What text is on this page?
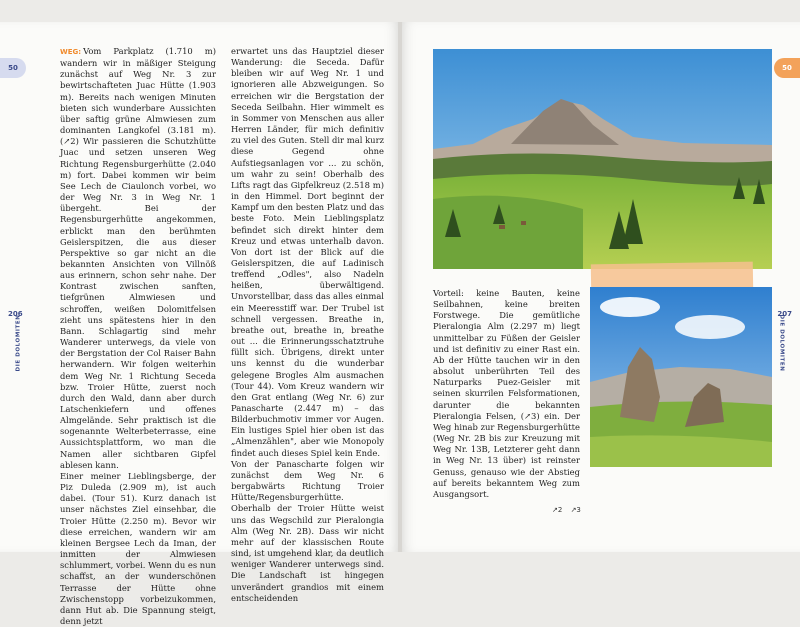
50
206
DIE DOLOMITEN
50
207
DIE DOLOMITEN

WEG: Vom Parkplatz (1.710 m) wandern wir in mäßiger Steigung zunächst auf Weg Nr. 3 zur bewirtschafteten Juac Hütte (1.903 m). Bereits nach wenigen Minuten bieten sich wunderbare Aussichten über saftig grüne Almwiesen zum dominanten Langkofel (3.181 m). (↗2) Wir passieren die Schutzhütte Juac und setzen unseren Weg Richtung Regensburgerhütte (2.040 m) fort. Dabei kommen wir beim See Lech de Ciaulonch vorbei, wo der Weg Nr. 3 in Weg Nr. 1 übergeht. Bei der Regensburgerhütte angekommen, erblickt man den berühmten Geislerspitzen, die aus dieser Perspektive so gar nicht an die bekannten Ansichten von Villnöß aus erinnern, schon sehr nahe. Der Kontrast zwischen sanften, tiefgrünen Almwiesen und schroffen, weißen Dolomitfelsen zieht uns spätestens hier in den Bann. Schlagartig sind mehr Wanderer unterwegs, da viele von der Bergstation der Col Raiser Bahn herwandern. Wir folgen weiterhin dem Weg Nr. 1 Richtung Seceda bzw. Troier Hütte, zuerst noch durch den Wald, dann aber durch Latschenkiefern und offenes Almgelände. Sehr praktisch ist die sogenannte Welterbeterrasse, eine Aussichtsplattform, wo man die Namen aller sichtbaren Gipfel ablesen kann.

Einer meiner Lieblingsberge, der Piz Duleda (2.909 m), ist auch dabei. (Tour 51). Kurz danach ist unser nächstes Ziel einsehbar, die Troier Hütte (2.250 m). Bevor wir diese erreichen, wandern wir am kleinen Bergsee Lech da Iman, der inmitten der Almwiesen schlummert, vorbei. Wenn du es nun schaffst, an der wunderschönen Terrasse der Hütte ohne Zwischenstopp vorbeizukommen, dann Hut ab. Die Spannung steigt, denn jetzt

erwartet uns das Hauptziel dieser Wanderung: die Seceda. Dafür bleiben wir auf Weg Nr. 1 und ignorieren alle Abzweigungen. So erreichen wir die Bergstation der Seceda Seilbahn. Hier wimmelt es in Sommer von Menschen aus aller Herren Länder, für mich definitiv zu viel des Guten. Stell dir mal kurz diese Gegend ohne Aufstiegsanlagen vor ... zu schön, um wahr zu sein! Oberhalb des Lifts ragt das Gipfelkreuz (2.518 m) in den Himmel. Dort beginnt der Kampf um den besten Platz und das beste Foto. Mein Lieblingsplatz befindet sich direkt hinter dem Kreuz und etwas unterhalb davon. Von dort ist der Blick auf die Geislerspitzen, die auf Ladinisch treffend „Odles", also Nadeln heißen, überwältigend. Unvorstellbar, dass das alles einmal ein Meeresstiff war. Der Trubel ist schnell vergessen. Breathe in, breathe out, breathe in, breathe out ... die Erinnerungsschatztruhe füllt sich. Übrigens, direkt unter uns kennst du die wunderbar gelegene Brogles Alm ausmachen (Tour 44). Vom Kreuz wandern wir den Grat entlang (Weg Nr. 6) zur Panascharte (2.447 m) – das Bilderbuchmotiv immer vor Augen. Ein lustiges Spiel hier oben ist das „Almenzählen", aber wie Monopoly findet auch dieses Spiel kein Ende.

Von der Panascharte folgen wir zunächst dem Weg Nr. 6 bergabwärts Richtung Troier Hütte/Regensburgerhütte. Oberhalb der Troier Hütte weist uns das Wegschild zur Pieralongia Alm (Weg Nr. 2B). Dass wir nicht mehr auf der klassischen Route sind, ist umgehend klar, da deutlich weniger Wanderer unterwegs sind. Die Landschaft ist hingegen unverändert grandios mit einem entscheidenden

Vorteil: keine Bauten, keine Seilbahnen, keine breiten Forstwege. Die gemütliche Pieralongia Alm (2.297 m) liegt unmittelbar zu Füßen der Geisler und ist definitiv zu einer Rast ein. Ab der Hütte tauchen wir in den absolut unberührten Teil des Naturparks Puez-Geisler mit seinen skurrilen Felsformationen, darunter die bekannten Pieralongia Felsen, (↗3) ein. Der Weg hinab zur Regensburgerhütte (Weg Nr. 2B bis zur Kreuzung mit Weg Nr. 13B, Letzterer geht dann in Weg Nr. 13 über) ist reinster Genuss, genauso wie der Abstieg auf bereits bekanntem Weg zum Ausgangsort.

↗2 ↗3
